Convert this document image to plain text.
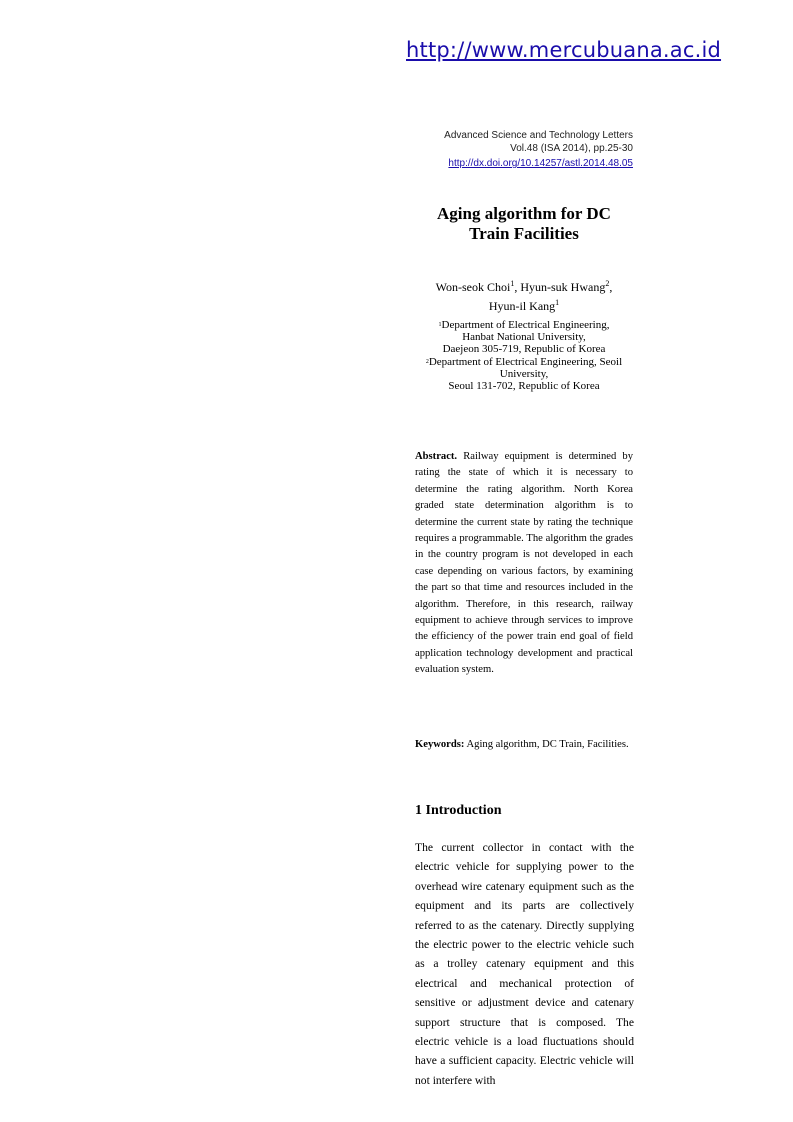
http://www.mercubuana.ac.id
Advanced Science and Technology Letters
Vol.48 (ISA 2014), pp.25-30
http://dx.doi.org/10.14257/astl.2014.48.05
Aging algorithm for DC Train Facilities
Won-seok Choi$^1$, Hyun-suk Hwang$^2$,
Hyun-il Kang$^1$
$^1$Department of Electrical Engineering,
Hanbat National University,
Daejeon 305-719, Republic of Korea
$^2$Department of Electrical Engineering, Seoil
University,
Seoul 131-702, Republic of Korea
Abstract. Railway equipment is determined by rating the state of which it is necessary to determine the rating algorithm. North Korea graded state determination algorithm is to determine the current state by rating the technique requires a programmable. The algorithm the grades in the country program is not developed in each case depending on various factors, by examining the part so that time and resources included in the algorithm. Therefore, in this research, railway equipment to achieve through services to improve the efficiency of the power train end goal of field application technology development and practical evaluation system.
Keywords: Aging algorithm, DC Train, Facilities.
1 Introduction
The current collector in contact with the electric vehicle for supplying power to the overhead wire catenary equipment such as the equipment and its parts are collectively referred to as the catenary. Directly supplying the electric power to the electric vehicle such as a trolley catenary equipment and this electrical and mechanical protection of sensitive or adjustment device and catenary support structure that is composed. The electric vehicle is a load fluctuations should have a sufficient capacity. Electric vehicle will not interfere with
